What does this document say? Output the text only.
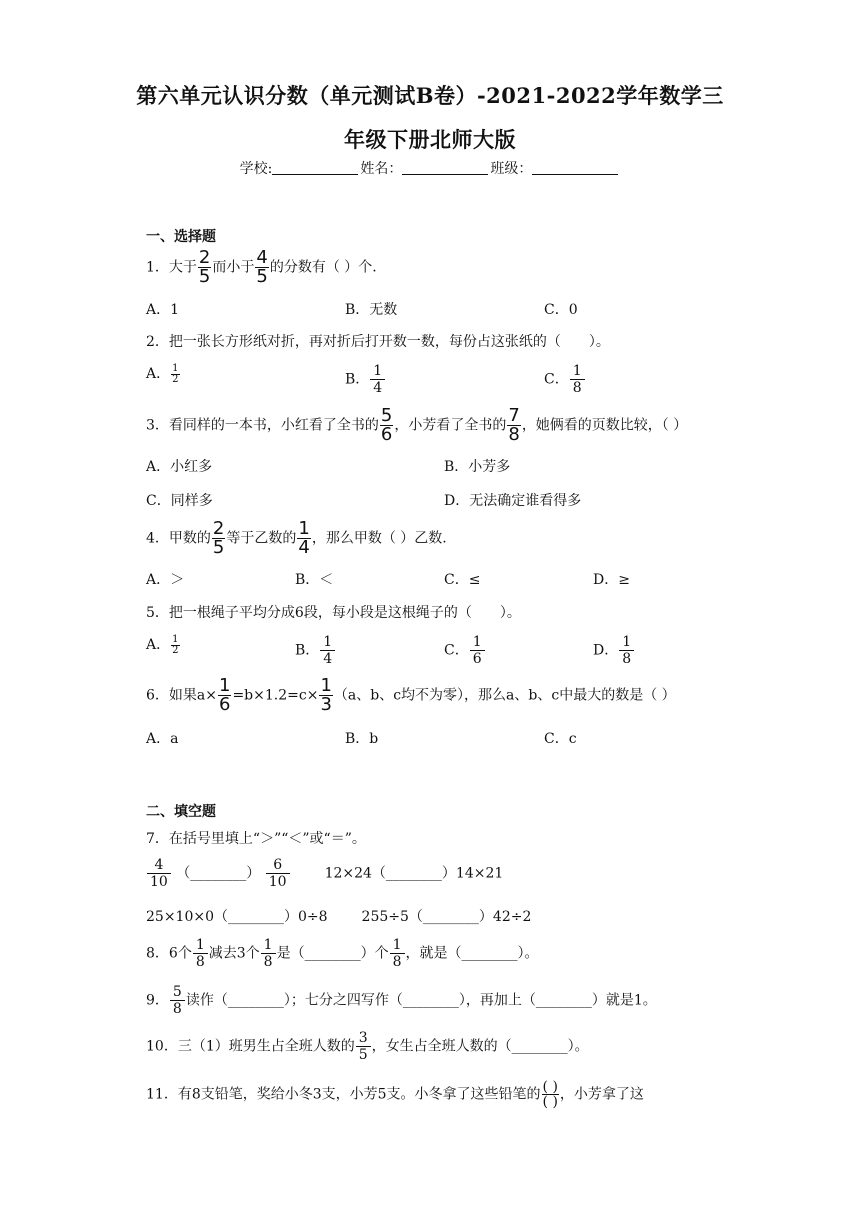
第六单元认识分数（单元测试B卷）-2021-2022学年数学三
年级下册北师大版
学校:	姓名：	班级：
一、选择题
1．大于 $\frac{2}{5}$ 而小于 $\frac{4}{5}$ 的分数有（ ）个.
A．1	B．无数	C．0
2．把一张长方形纸对折，再对折后打开数一数，每份占这张纸的（　　）。
A． $\frac{1}{2}$	B． $\frac{1}{4}$	C． $\frac{1}{8}$
3．看同样的一本书，小红看了全书的 $\frac{5}{6}$ ，小芳看了全书的 $\frac{7}{8}$ ，她俩看的页数比较，（ ）
A．小红多	B．小芳多
C．同样多	D．无法确定谁看得多
4．甲数的 $\frac{2}{5}$ 等于乙数的 $\frac{1}{4}$ ，那么甲数（ ）乙数.
A．＞	B．＜	C．≤	D．≥
5．把一根绳子平均分成6段，每小段是这根绳子的（　　）。
A． $\frac{1}{2}$	B． $\frac{1}{4}$	C． $\frac{1}{6}$	D． $\frac{1}{8}$
6．如果$a\times \frac{1}{6} =b\times 1.2=c\times \frac{1}{3} (a$、b、c均不为零），那么a、b、c中最大的数是（ ）
A．a	B．b	C．c
二、填空题
7．在括号里填上“＞”“＜”或“＝”。
$\frac{4}{10}$ （________） $\frac{6}{10}$	12×24（________）14×21
25×10×0（________）0÷8 255÷5（________）42÷2
8．6个 $\frac{1}{8}$ 减去3个 $\frac{1}{8}$ 是（________）个 $\frac{1}{8}$ ，就是（________）。
9． $\frac{5}{8}$ 读作（________）；七分之四写作（________），再加上（________）就是1。
10．三（1）班男生占全班人数的 $\frac{3}{5}$ ，女生占全班人数的（________）。
11．有8支铅笔，奖给小冬3支，小芳5支。小冬拿了这些铅笔的 $\frac{( )}{( )}$ ，小芳拿了这
